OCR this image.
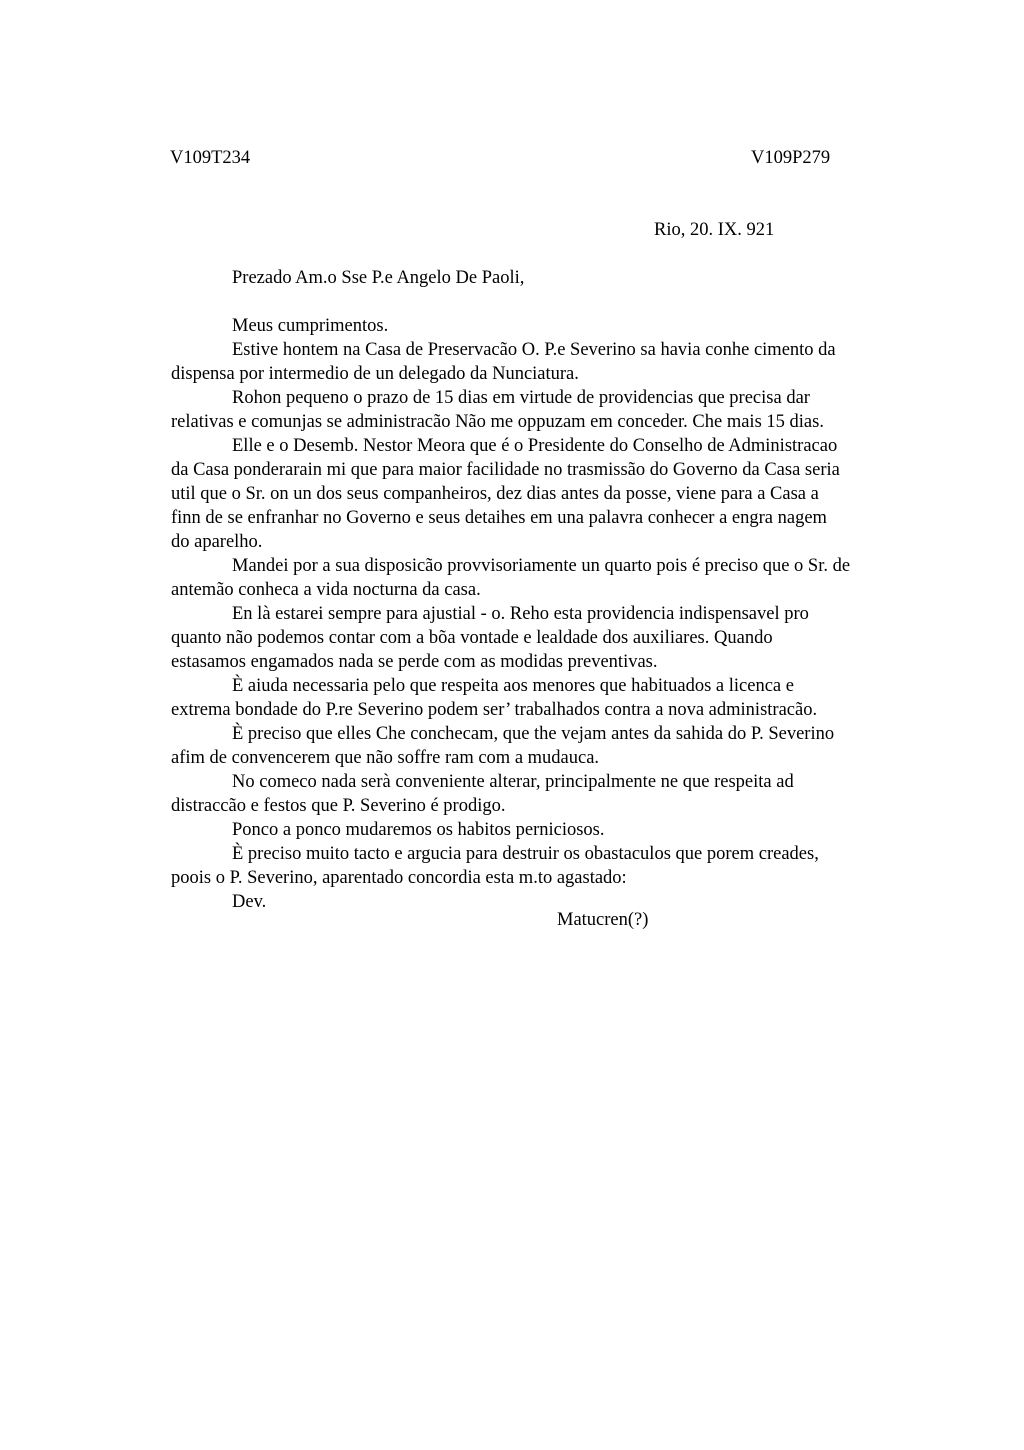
V109T234	V109P279
Rio, 20. IX. 921
Prezado Am.o Sse P.e Angelo De Paoli,

Meus cumprimentos.

Estive hontem na Casa de Preservacão O. P.e Severino sa havia conhe cimento da
dispensa por intermedio de un delegado da Nunciatura.

Rohon pequeno o prazo de 15 dias em virtude de providencias que precisa dar
relativas e comunjas se administracão Não me oppuzam em conceder. Che mais 15 dias.

Elle e o Desemb. Nestor Meora que é o Presidente do Conselho de Administracao
da Casa ponderarain mi que para maior facilidade no trasmissão do Governo da Casa seria
util que o Sr. on un dos seus companheiros, dez dias antes da posse, viene para a Casa a
finn de se enfranhar no Governo e seus detaihes em una palavra conhecer a engra nagem
do aparelho.

Mandei por a sua disposicão provvisoriamente un quarto pois é preciso que o Sr. de
antemão conheca a vida nocturna da casa.

En là estarei sempre para ajustial - o. Reho esta providencia indispensavel pro
quanto não podemos contar com a bõa vontade e lealdade dos auxiliares. Quando
estasamos engamados nada se perde com as modidas preventivas.

È aiuda necessaria pelo que respeita aos menores que habituados a licenca e
extrema bondade do P.re Severino podem ser’ trabalhados contra a nova administracão.

È preciso que elles Che conchecam, que the vejam antes da sahida do P. Severino
afim de convencerem que não soffre ram com a mudauca.

No comeco nada serà conveniente alterar, principalmente ne que respeita ad
distraccão e festos que P. Severino é prodigo.

Ponco a ponco mudaremos os habitos perniciosos.

È preciso muito tacto e argucia para destruir os obastaculos que porem creades,
poois o P. Severino, aparentado concordia esta m.to agastado:

Dev.

Matucren(?)
